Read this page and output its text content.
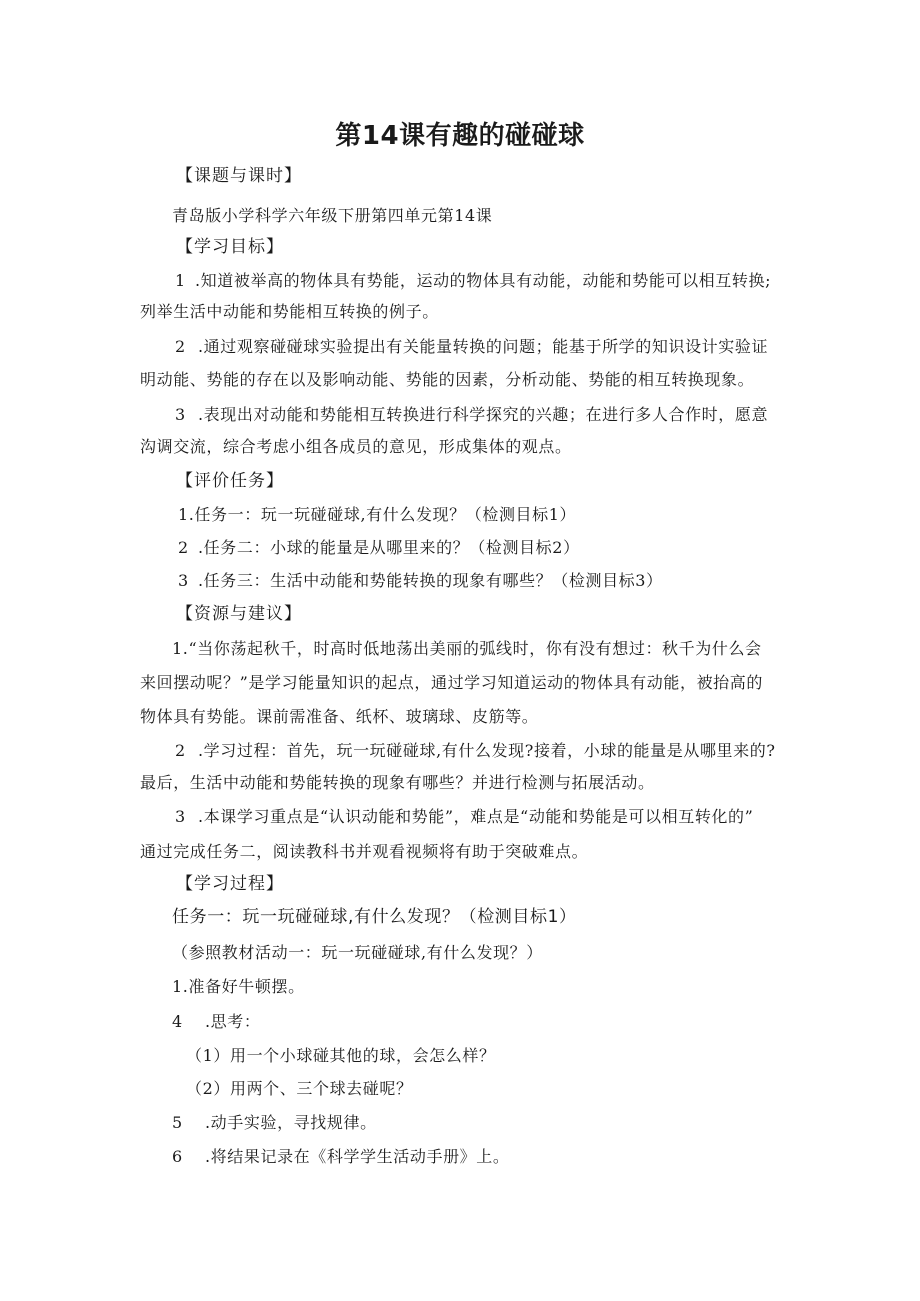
第14课有趣的碰碰球
【课题与课时】
青岛版小学科学六年级下册第四单元第14课
【学习目标】
1 .知道被举高的物体具有势能，运动的物体具有动能，动能和势能可以相互转换;
列举生活中动能和势能相互转换的例子。
2 .通过观察碰碰球实验提出有关能量转换的问题；能基于所学的知识设计实验证
明动能、势能的存在以及影响动能、势能的因素，分析动能、势能的相互转换现象。
3 .表现出对动能和势能相互转换进行科学探究的兴趣；在进行多人合作时，愿意
沟调交流，综合考虑小组各成员的意见，形成集体的观点。
【评价任务】
1.任务一：玩一玩碰碰球,有什么发现？（检测目标1）
2 .任务二：小球的能量是从哪里来的？（检测目标2）
3 .任务三：生活中动能和势能转换的现象有哪些？（检测目标3）
【资源与建议】
1.“当你荡起秋千，时高时低地荡出美丽的弧线时，你有没有想过：秋千为什么会
来回摆动呢？”是学习能量知识的起点，通过学习知道运动的物体具有动能，被抬高的
物体具有势能。课前需准备、纸杯、玻璃球、皮筋等。
2 .学习过程：首先，玩一玩碰碰球,有什么发现?接着，小球的能量是从哪里来的?
最后，生活中动能和势能转换的现象有哪些？并进行检测与拓展活动。
3 .本课学习重点是“认识动能和势能”，难点是“动能和势能是可以相互转化的”
通过完成任务二，阅读教科书并观看视频将有助于突破难点。
【学习过程】
任务一：玩一玩碰碰球,有什么发现？（检测目标1）
（参照教材活动一：玩一玩碰碰球,有什么发现？）
1.准备好牛顿摆。
4 .思考：
（1）用一个小球碰其他的球，会怎么样？
（2）用两个、三个球去碰呢？
5 .动手实验，寻找规律。
6 .将结果记录在《科学学生活动手册》上。
